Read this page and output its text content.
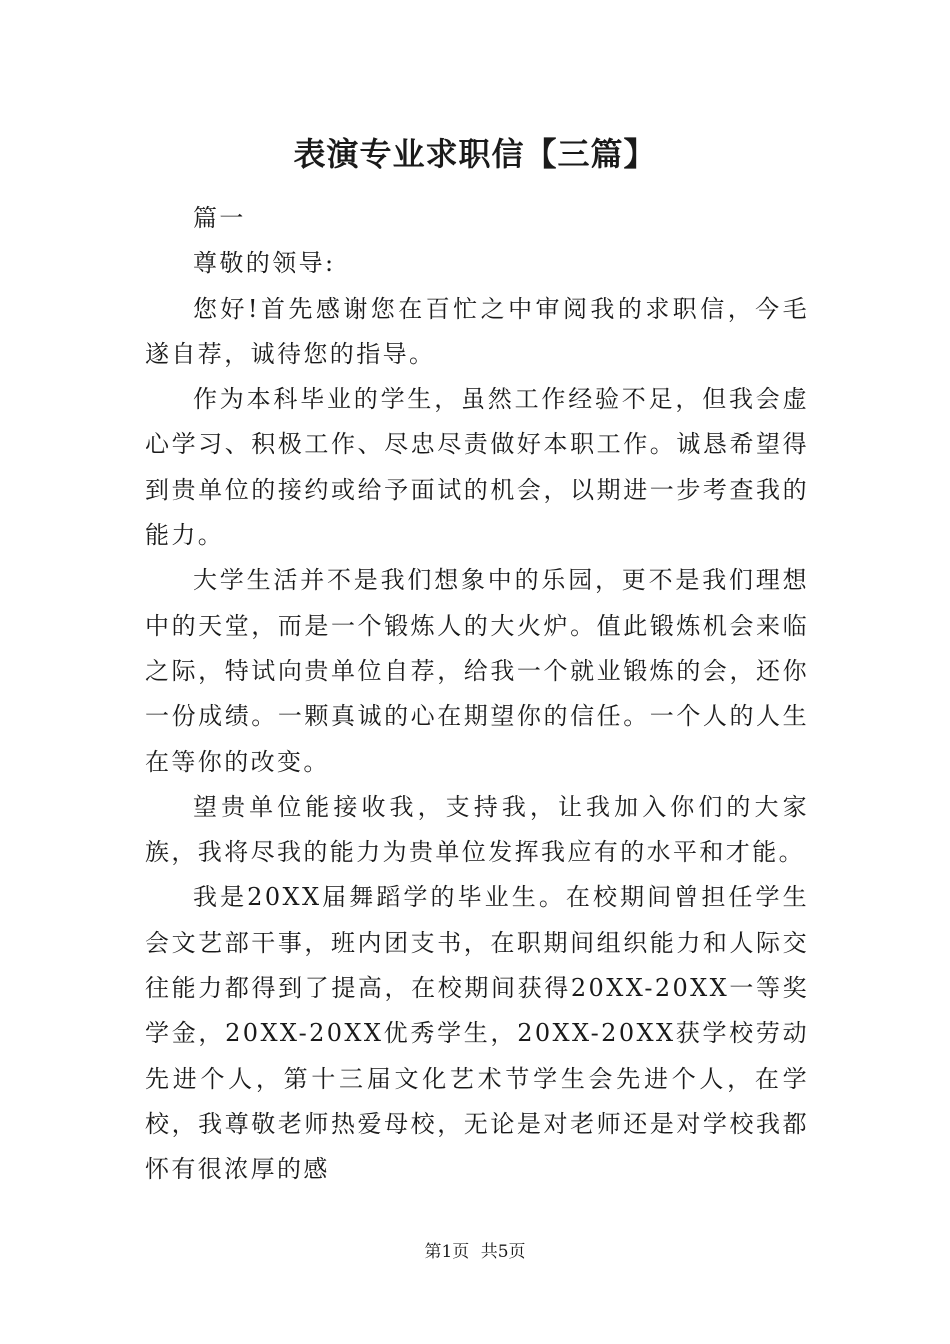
表演专业求职信【三篇】

篇一

尊敬的领导:

您好!首先感谢您在百忙之中审阅我的求职信，今毛遂自荐，诚待您的指导。

作为本科毕业的学生，虽然工作经验不足，但我会虚心学习、积极工作、尽忠尽责做好本职工作。诚恳希望得到贵单位的接约或给予面试的机会，以期进一步考查我的能力。

大学生活并不是我们想象中的乐园，更不是我们理想中的天堂，而是一个锻炼人的大火炉。值此锻炼机会来临之际，特试向贵单位自荐，给我一个就业锻炼的会，还你一份成绩。一颗真诚的心在期望你的信任。一个人的人生在等你的改变。

望贵单位能接收我，支持我，让我加入你们的大家族，我将尽我的能力为贵单位发挥我应有的水平和才能。

我是20XX届舞蹈学的毕业生。在校期间曾担任学生会文艺部干事，班内团支书，在职期间组织能力和人际交往能力都得到了提高，在校期间获得20XX-20XX一等奖学金，20XX-20XX优秀学生，20XX-20XX获学校劳动先进个人，第十三届文化艺术节学生会先进个人，在学校，我尊敬老师热爱母校，无论是对老师还是对学校我都怀有很浓厚的感

第1页 共5页
